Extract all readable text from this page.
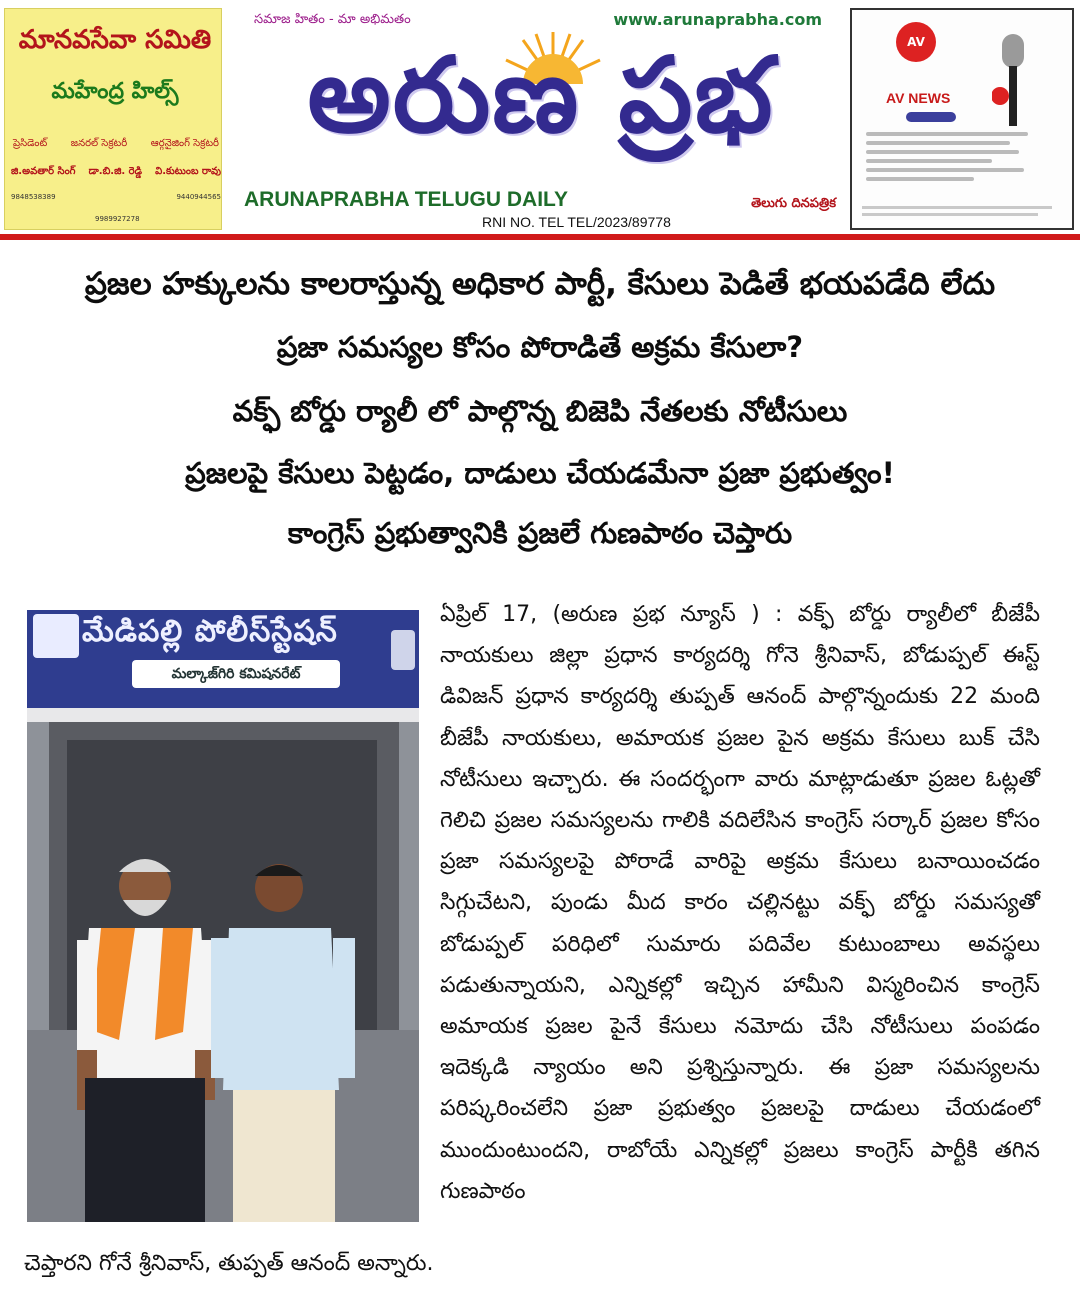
మానవసేవా సమితి
మహేంద్ర హిల్స్
ప్రెసిడెంట్ జనరల్ సెక్రటరీ ఆర్గనైజింగ్ సెక్రటరీ
జి.అవతార్ సింగ్ డా.బి.జి. రెడ్డి వి.కుటుంబ రావు
9848538389	9440944565
9989927278
సమాజ హితం - మా అభిమతం	www.arunaprabha.com
అరుణ ప్రభ
ARUNAPRABHA TELUGU DAILY
RNI NO. TEL TEL/2023/89778
తెలుగు దినపత్రిక
AV
AV NEWS
ప్రజల హక్కులను కాలరాస్తున్న అధికార పార్టీ, కేసులు పెడితే భయపడేది లేదు
ప్రజా సమస్యల కోసం పోరాడితే అక్రమ కేసులా?
వక్ఫ్ బోర్డు ర్యాలీ లో పాల్గొన్న బిజెపి నేతలకు నోటీసులు
ప్రజలపై కేసులు పెట్టడం, దాడులు చేయడమేనా ప్రజా ప్రభుత్వం!
కాంగ్రెస్ ప్రభుత్వానికి ప్రజలే గుణపాఠం చెప్తారు
మేడిపల్లి పోలీస్‌స్టేషన్
మల్కాజ్‌గిరి కమిషనరేట్

ఏప్రిల్ 17, (అరుణ ప్రభ న్యూస్ ) : వక్ఫ్ బోర్డు ర్యాలీలో బీజేపీ నాయకులు జిల్లా ప్రధాన కార్యదర్శి గోనె శ్రీనివాస్, బోడుప్పల్ ఈస్ట్ డివిజన్ ప్రధాన కార్యదర్శి తుప్పత్ ఆనంద్ పాల్గొన్నందుకు 22 మంది బీజేపీ నాయకులు, అమాయక ప్రజల పైన అక్రమ కేసులు బుక్ చేసి నోటీసులు ఇచ్చారు. ఈ సందర్భంగా వారు మాట్లాడుతూ ప్రజల ఓట్లతో గెలిచి ప్రజల సమస్యలను గాలికి వదిలేసిన కాంగ్రెస్ సర్కార్ ప్రజల కోసం ప్రజా సమస్యలపై పోరాడే వారిపై అక్రమ కేసులు బనాయించడం సిగ్గుచేటని, పుండు మీద కారం చల్లినట్టు వక్ఫ్ బోర్డు సమస్యతో బోడుప్పల్ పరిధిలో సుమారు పదివేల కుటుంబాలు అవస్థలు పడుతున్నాయని, ఎన్నికల్లో ఇచ్చిన హామీని విస్మరించిన కాంగ్రెస్ అమాయక ప్రజల పైనే కేసులు నమోదు చేసి నోటీసులు పంపడం ఇదెక్కడి న్యాయం అని ప్రశ్నిస్తున్నారు. ఈ ప్రజా సమస్యలను పరిష్కరించలేని ప్రజా ప్రభుత్వం ప్రజలపై దాడులు చేయడంలో ముందుంటుందని, రాబోయే ఎన్నికల్లో ప్రజలు కాంగ్రెస్ పార్టీకి తగిన గుణపాఠం

చెప్తారని గోనే శ్రీనివాస్, తుప్పత్ ఆనంద్ అన్నారు.
